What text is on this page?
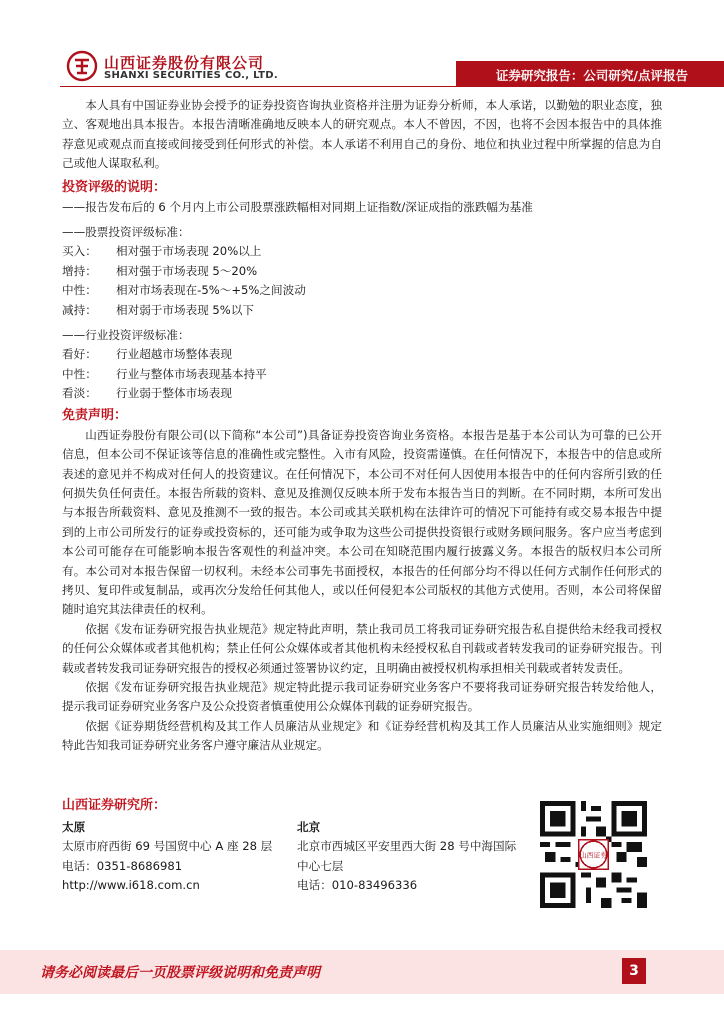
山西证券股份有限公司
SHANXI SECURITIES CO., LTD.	证券研究报告：公司研究/点评报告

本人具有中国证券业协会授予的证券投资咨询执业资格并注册为证券分析师，本人承诺，以勤勉的职业态度，独立、客观地出具本报告。本报告清晰准确地反映本人的研究观点。本人不曾因，不因，也将不会因本报告中的具体推荐意见或观点而直接或间接受到任何形式的补偿。本人承诺不利用自己的身份、地位和执业过程中所掌握的信息为自己或他人谋取私利。

投资评级的说明：

——报告发布后的 6 个月内上市公司股票涨跌幅相对同期上证指数/深证成指的涨跌幅为基准

——股票投资评级标准：

买入：	相对强于市场表现 20%以上
增持：	相对强于市场表现 5～20%
中性：	相对市场表现在-5%～+5%之间波动
减持：	相对弱于市场表现 5%以下

——行业投资评级标准：

看好：	行业超越市场整体表现
中性：	行业与整体市场表现基本持平
看淡：	行业弱于整体市场表现

免责声明：

山西证券股份有限公司(以下简称“本公司”)具备证券投资咨询业务资格。本报告是基于本公司认为可靠的已公开信息，但本公司不保证该等信息的准确性或完整性。入市有风险，投资需谨慎。在任何情况下，本报告中的信息或所表述的意见并不构成对任何人的投资建议。在任何情况下，本公司不对任何人因使用本报告中的任何内容所引致的任何损失负任何责任。本报告所载的资料、意见及推测仅反映本所于发布本报告当日的判断。在不同时期，本所可发出与本报告所载资料、意见及推测不一致的报告。本公司或其关联机构在法律许可的情况下可能持有或交易本报告中提到的上市公司所发行的证券或投资标的，还可能为或争取为这些公司提供投资银行或财务顾问服务。客户应当考虑到本公司可能存在可能影响本报告客观性的利益冲突。本公司在知晓范围内履行披露义务。本报告的版权归本公司所有。本公司对本报告保留一切权利。未经本公司事先书面授权，本报告的任何部分均不得以任何方式制作任何形式的拷贝、复印件或复制品，或再次分发给任何其他人，或以任何侵犯本公司版权的其他方式使用。否则，本公司将保留随时追究其法律责任的权利。

依据《发布证券研究报告执业规范》规定特此声明，禁止我司员工将我司证券研究报告私自提供给未经我司授权的任何公众媒体或者其他机构；禁止任何公众媒体或者其他机构未经授权私自刊载或者转发我司的证券研究报告。刊载或者转发我司证券研究报告的授权必须通过签署协议约定，且明确由被授权机构承担相关刊载或者转发责任。

依据《发布证券研究报告执业规范》规定特此提示我司证券研究业务客户不要将我司证券研究报告转发给他人，提示我司证券研究业务客户及公众投资者慎重使用公众媒体刊载的证券研究报告。

依据《证券期货经营机构及其工作人员廉洁从业规定》和《证券经营机构及其工作人员廉洁从业实施细则》规定特此告知我司证券研究业务客户遵守廉洁从业规定。

山西证券研究所：

太原
太原市府西街 69 号国贸中心 A 座 28 层
电话：0351-8686981
http://www.i618.com.cn
北京
北京市西城区平安里西大街 28 号中海国际中心七层
电话：010-83496336
山西证券
请务必阅读最后一页股票评级说明和免责声明	3
